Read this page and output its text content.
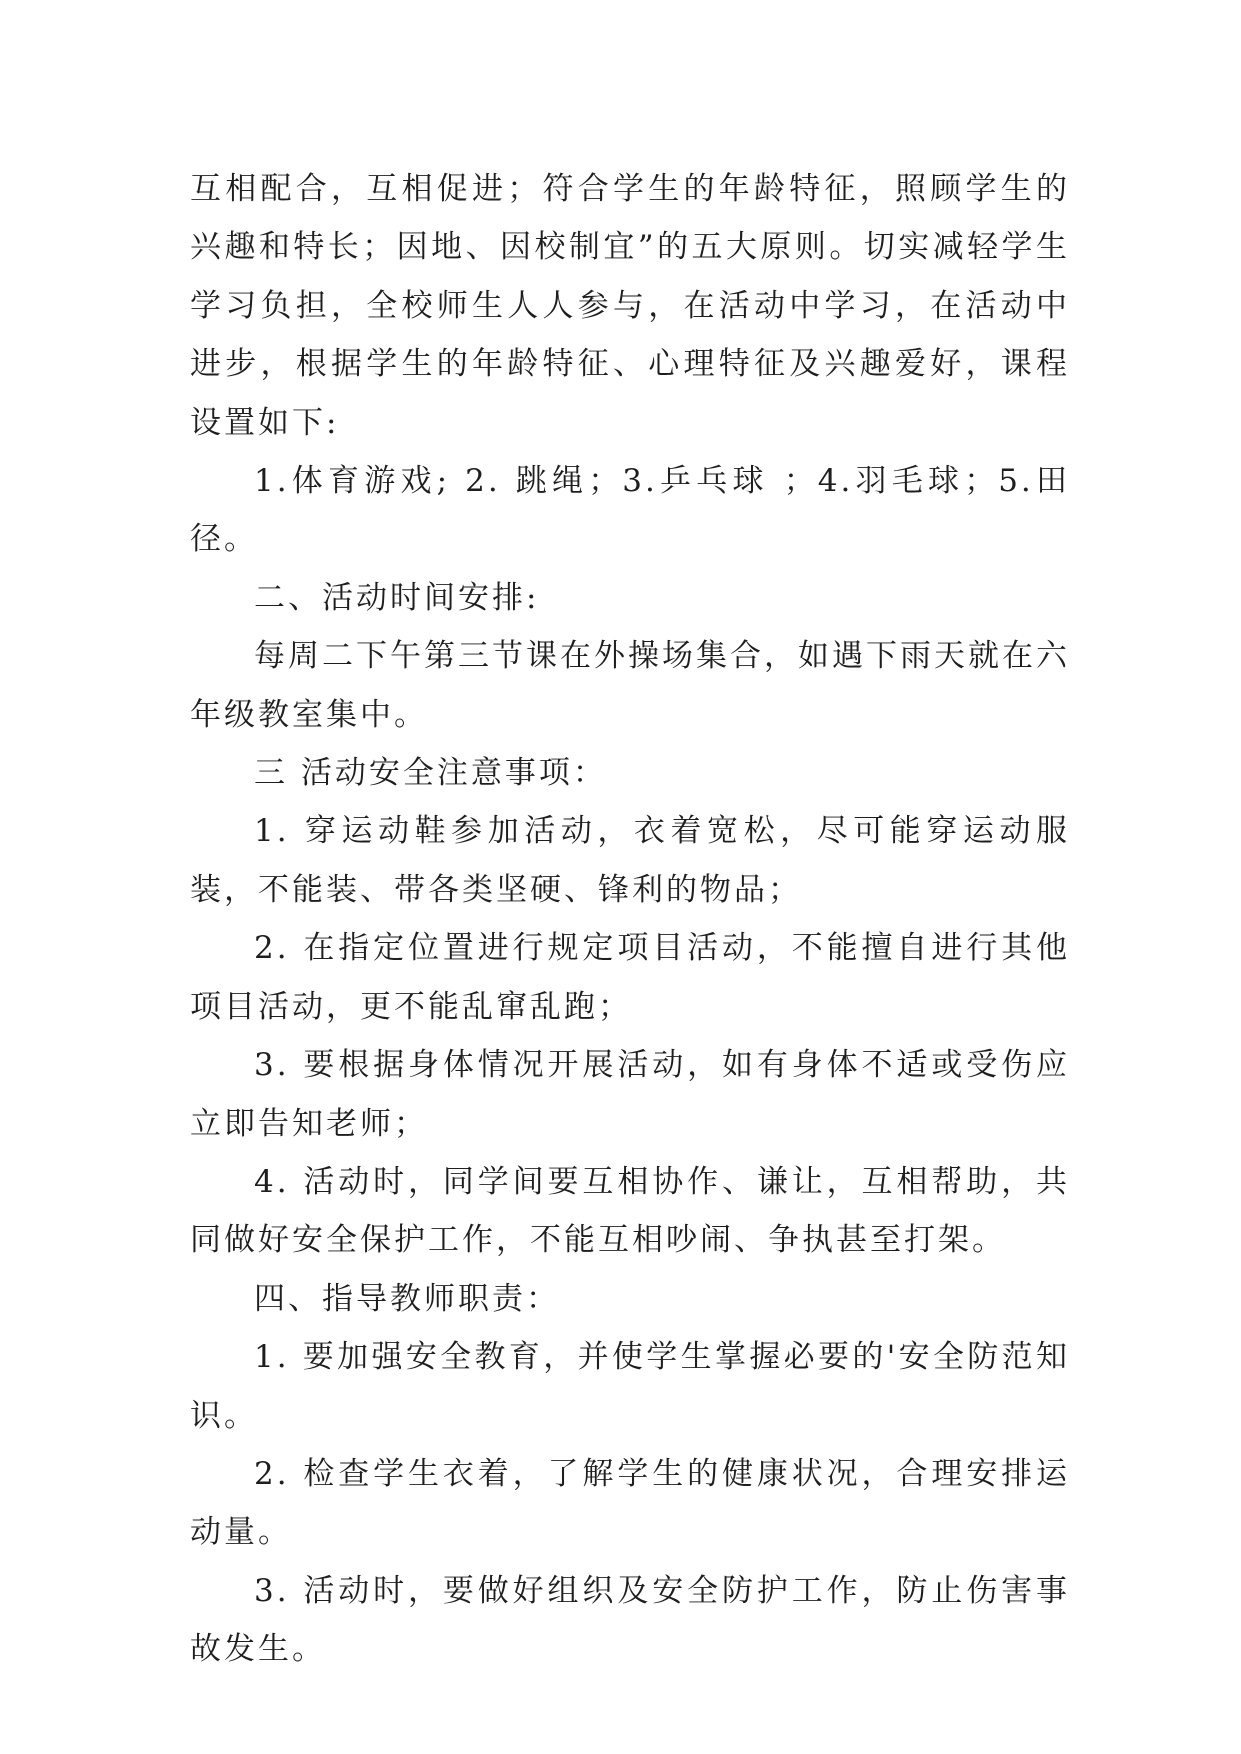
互相配合，互相促进；符合学生的年龄特征，照顾学生的兴趣和特长；因地、因校制宜”的五大原则。切实减轻学生学习负担，全校师生人人参与，在活动中学习，在活动中进步，根据学生的年龄特征、心理特征及兴趣爱好，课程设置如下:

1.体育游戏; 2. 跳绳；3.乒乓球 ；4.羽毛球；5.田径。

二、活动时间安排:

每周二下午第三节课在外操场集合，如遇下雨天就在六年级教室集中。

三 活动安全注意事项：

1. 穿运动鞋参加活动，衣着宽松，尽可能穿运动服装，不能装、带各类坚硬、锋利的物品；

2. 在指定位置进行规定项目活动，不能擅自进行其他项目活动，更不能乱窜乱跑；

3. 要根据身体情况开展活动，如有身体不适或受伤应立即告知老师；

4. 活动时，同学间要互相协作、谦让，互相帮助，共同做好安全保护工作，不能互相吵闹、争执甚至打架。

四、指导教师职责：

1. 要加强安全教育，并使学生掌握必要的'安全防范知识。

2. 检查学生衣着，了解学生的健康状况，合理安排运动量。

3. 活动时，要做好组织及安全防护工作，防止伤害事故发生。
